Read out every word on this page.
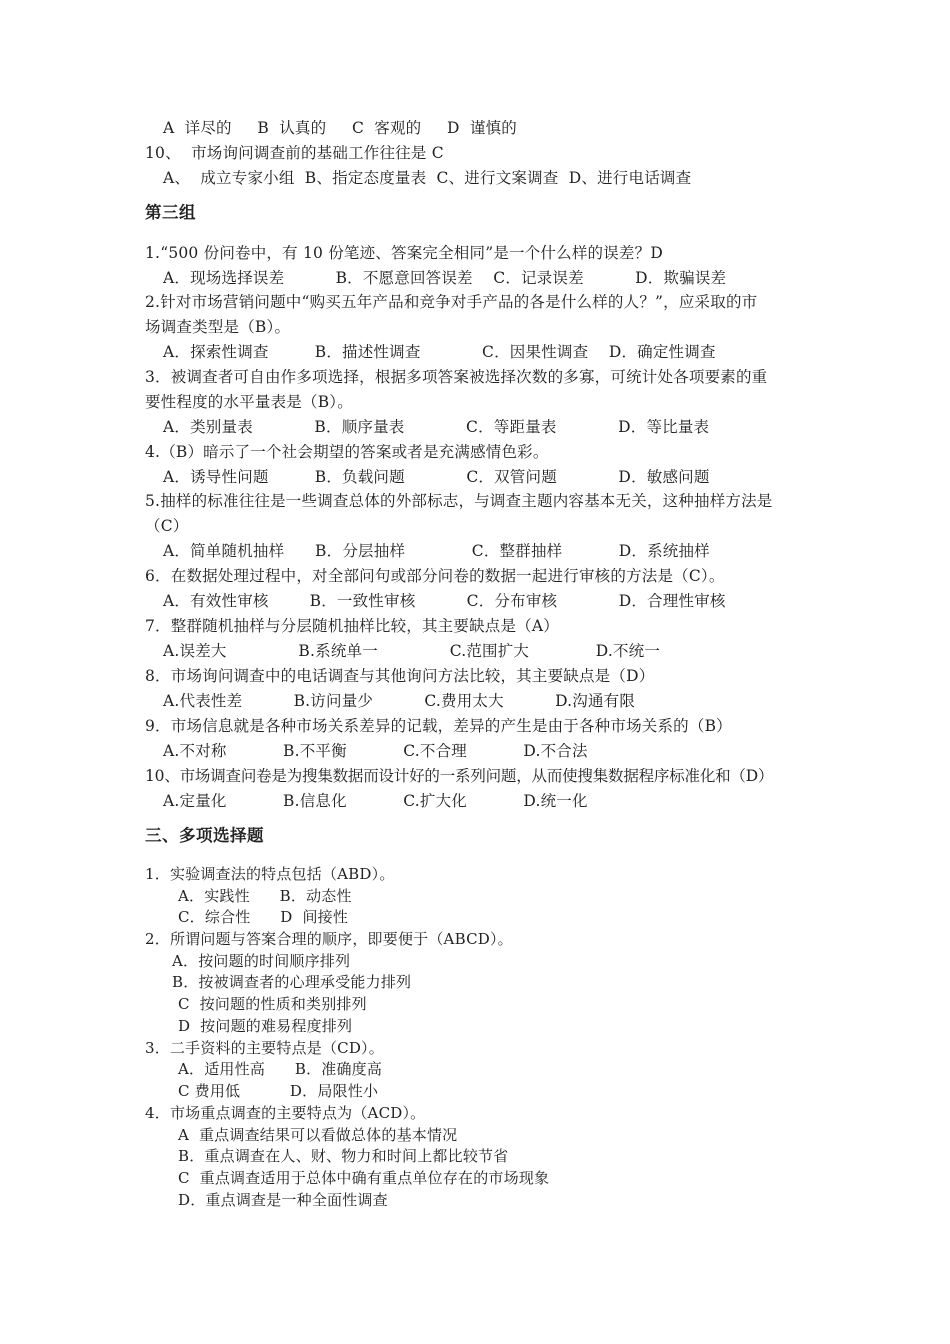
A  详尽的     B  认真的     C  客观的     D  谨慎的
10、  市场询问调查前的基础工作往往是 C
A、  成立专家小组  B、指定态度量表  C、进行文案调查  D、进行电话调查
第三组
1.“500 份问卷中，有 10 份笔迹、答案完全相同”是一个什么样的误差？D
A．现场选择误差          B．不愿意回答误差    C．记录误差          D．欺骗误差
2.针对市场营销问题中“购买五年产品和竞争对手产品的各是什么样的人？”，应采取的市
场调查类型是（B）。
A．探索性调查         B．描述性调查            C．因果性调查    D．确定性调查
3．被调查者可自由作多项选择，根据多项答案被选择次数的多寡，可统计处各项要素的重
要性程度的水平量表是（B）。
A．类别量表            B．顺序量表            C．等距量表            D．等比量表
4.（B）暗示了一个社会期望的答案或者是充满感情色彩。
A．诱导性问题         B．负载问题            C．双管问题            D．敏感问题
5.抽样的标准往往是一些调查总体的外部标志，与调查主题内容基本无关，这种抽样方法是
（C）
A．简单随机抽样      B．分层抽样             C．整群抽样           D．系统抽样
6．在数据处理过程中，对全部问句或部分问卷的数据一起进行审核的方法是（C）。
A．有效性审核        B．一致性审核          C．分布审核            D．合理性审核
7．整群随机抽样与分层随机抽样比较，其主要缺点是（A）
A.误差大              B.系统单一              C.范围扩大             D.不统一
8．市场询问调查中的电话调查与其他询问方法比较，其主要缺点是（D）
A.代表性差          B.访问量少          C.费用太大          D.沟通有限
9．市场信息就是各种市场关系差异的记载，差异的产生是由于各种市场关系的（B）
A.不对称           B.不平衡           C.不合理           D.不合法
10、市场调查问卷是为搜集数据而设计好的一系列问题，从而使搜集数据程序标准化和（D）
A.定量化           B.信息化           C.扩大化           D.统一化
三、多项选择题
1．实验调查法的特点包括（ABD）。
A．实践性      B．动态性
C．综合性      D  间接性
2．所谓问题与答案合理的顺序，即要便于（ABCD）。
A．按问题的时间顺序排列
B．按被调查者的心理承受能力排列
C  按问题的性质和类别排列
D  按问题的难易程度排列
3．二手资料的主要特点是（CD）。
A．适用性高      B．准确度高
C 费用低          D．局限性小
4．市场重点调查的主要特点为（ACD）。
A  重点调查结果可以看做总体的基本情况
B．重点调查在人、财、物力和时间上都比较节省
C  重点调查适用于总体中确有重点单位存在的市场现象
D．重点调查是一种全面性调查
